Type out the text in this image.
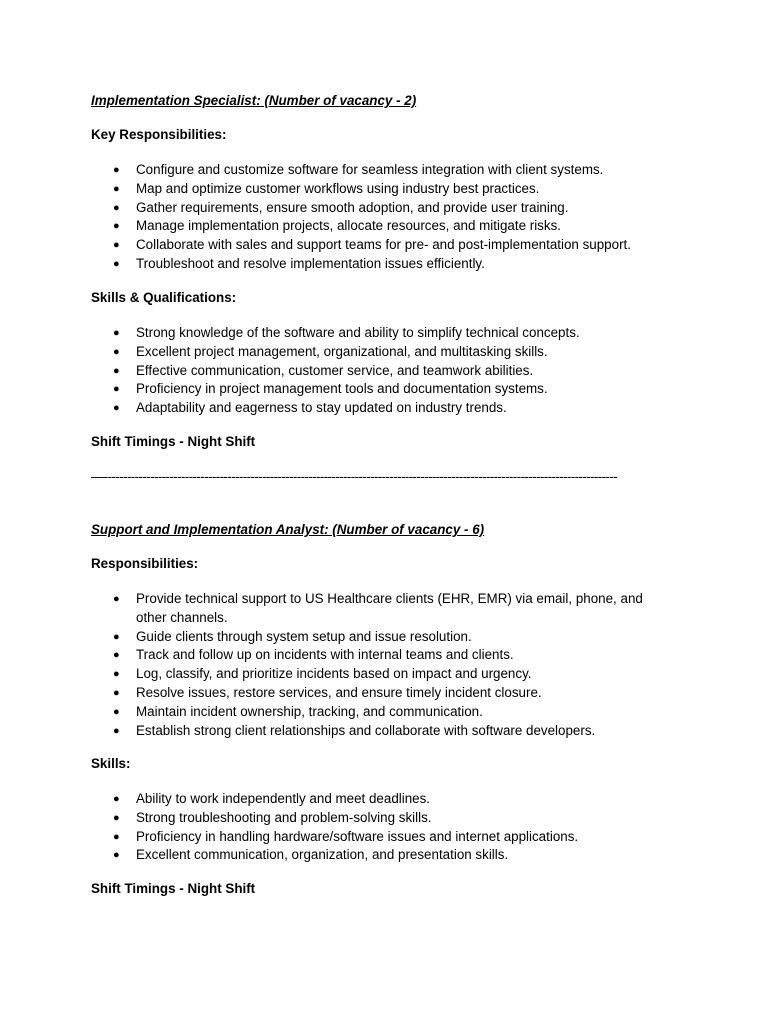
Implementation Specialist: (Number of vacancy - 2)
Key Responsibilities:
● Configure and customize software for seamless integration with client systems.
● Map and optimize customer workflows using industry best practices.
● Gather requirements, ensure smooth adoption, and provide user training.
● Manage implementation projects, allocate resources, and mitigate risks.
● Collaborate with sales and support teams for pre- and post-implementation support.
● Troubleshoot and resolve implementation issues efficiently.
Skills & Qualifications:
● Strong knowledge of the software and ability to simplify technical concepts.
● Excellent project management, organizational, and multitasking skills.
● Effective communication, customer service, and teamwork abilities.
● Proficiency in project management tools and documentation systems.
● Adaptability and eagerness to stay updated on industry trends.
Shift Timings - Night Shift
—-------------------------------------------------------------------------------------------------------------------------------------
Support and Implementation Analyst: (Number of vacancy - 6)
Responsibilities:
● Provide technical support to US Healthcare clients (EHR, EMR) via email, phone, and other channels.
● Guide clients through system setup and issue resolution.
● Track and follow up on incidents with internal teams and clients.
● Log, classify, and prioritize incidents based on impact and urgency.
● Resolve issues, restore services, and ensure timely incident closure.
● Maintain incident ownership, tracking, and communication.
● Establish strong client relationships and collaborate with software developers.
Skills:
● Ability to work independently and meet deadlines.
● Strong troubleshooting and problem-solving skills.
● Proficiency in handling hardware/software issues and internet applications.
● Excellent communication, organization, and presentation skills.
Shift Timings - Night Shift
